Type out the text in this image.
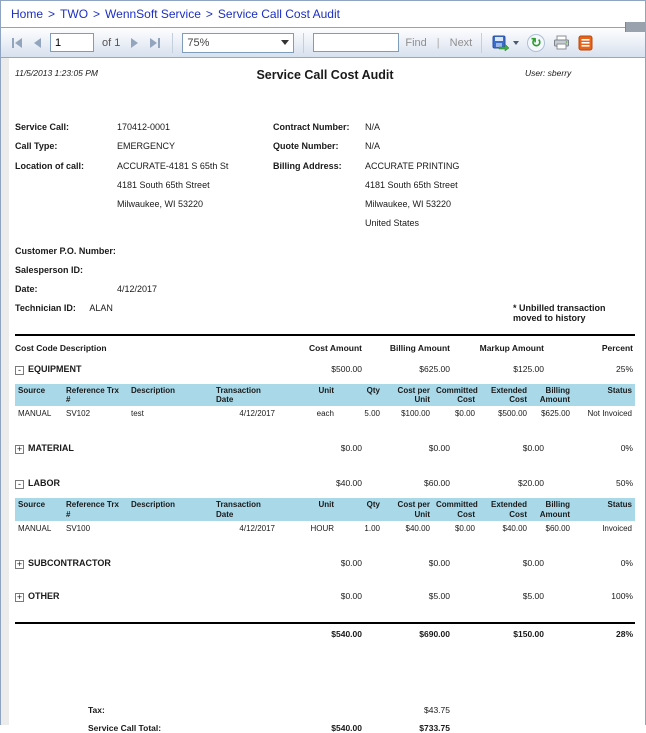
Home > TWO > WennSoft Service > Service Call Cost Audit
1
of 1	75%	Find | Next	↻
11/5/2013 1:23:05 PM	Service Call Cost Audit	User: sberry
Service Call:	170412-0001	Contract Number:	N/A
Call Type:	EMERGENCY	Quote Number:	N/A
Location of call:	ACCURATE-4181 S 65th St
4181 South 65th Street
Milwaukee, WI 53220
Billing Address:	ACCURATE PRINTING
4181 South 65th Street
Milwaukee, WI 53220
United States
Customer P.O. Number:
Salesperson ID:
Date:	4/12/2017
Technician ID:	ALAN	* Unbilled transaction moved to history
Cost Code Description	Cost Amount	Billing Amount	Markup Amount	Percent
- EQUIPMENT	$500.00	$625.00	$125.00	25%
Source	Reference Trx #	Description	Transaction Date	Unit	Qty	Cost per Unit	Committed Cost	Extended Cost	Billing Amount	Status
MANUAL	SV102	test	4/12/2017	each	5.00	$100.00	$0.00	$500.00	$625.00	Not Invoiced
+ MATERIAL	$0.00	$0.00	$0.00	0%
- LABOR	$40.00	$60.00	$20.00	50%
Source	Reference Trx #	Description	Transaction Date	Unit	Qty	Cost per Unit	Committed Cost	Extended Cost	Billing Amount	Status
MANUAL	SV100		4/12/2017	HOUR	1.00	$40.00	$0.00	$40.00	$60.00	Invoiced
+ SUBCONTRACTOR	$0.00	$0.00	$0.00	0%
+ OTHER	$0.00	$5.00	$5.00	100%
$540.00	$690.00	$150.00	28%
Tax:	$43.75
Service Call Total:	$540.00	$733.75
